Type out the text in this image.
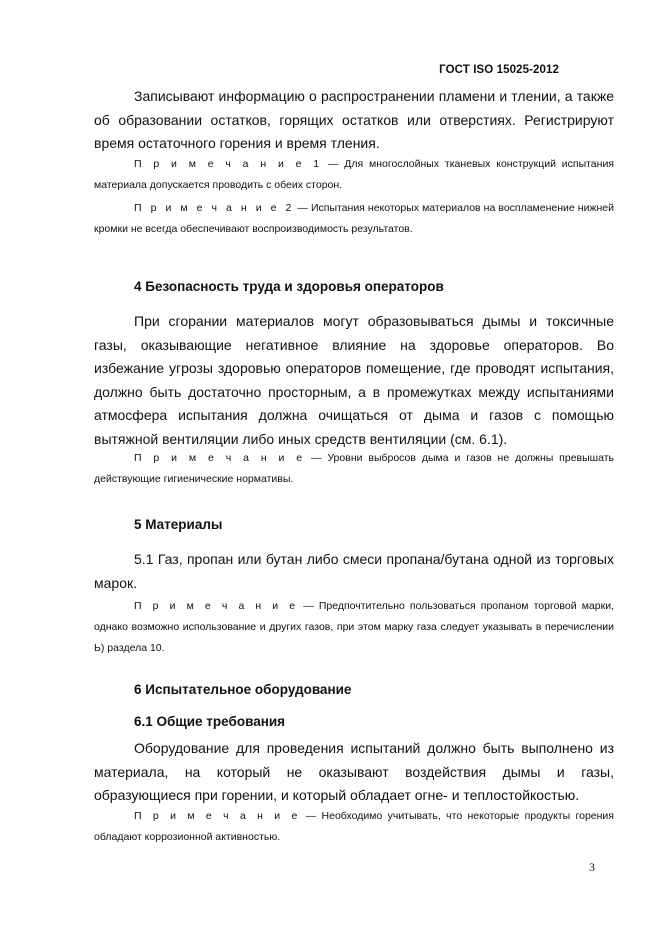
ГОСТ ISO 15025-2012

Записывают информацию о распространении пламени и тлении, а также об образовании остатков, горящих остатков или отверстиях. Регистрируют время остаточного горения и время тления.

П р и м е ч а н и е 1 — Для многослойных тканевых конструкций испытания материала допускается проводить с обеих сторон.

П р и м е ч а н и е 2 — Испытания некоторых материалов на воспламенение нижней кромки не всегда обеспечивают воспроизводимость результатов.

4 Безопасность труда и здоровья операторов

При сгорании материалов могут образовываться дымы и токсичные газы, оказывающие негативное влияние на здоровье операторов. Во избежание угрозы здоровью операторов помещение, где проводят испытания, должно быть достаточно просторным, а в промежутках между испытаниями атмосфера испытания должна очищаться от дыма и газов с помощью вытяжной вентиляции либо иных средств вентиляции (см. 6.1).

П р и м е ч а н и е — Уровни выбросов дыма и газов не должны превышать действующие гигиенические нормативы.

5 Материалы

5.1 Газ, пропан или бутан либо смеси пропана/бутана одной из торговых марок.

П р и м е ч а н и е — Предпочтительно пользоваться пропаном торговой марки, однако возможно использование и других газов, при этом марку газа следует указывать в перечислении Ь) раздела 10.

6 Испытательное оборудование

6.1 Общие требования

Оборудование для проведения испытаний должно быть выполнено из материала, на который не оказывают воздействия дымы и газы, образующиеся при горении, и который обладает огне- и теплостойкостью.

П р и м е ч а н и е — Необходимо учитывать, что некоторые продукты горения обладают коррозионной активностью.

3
